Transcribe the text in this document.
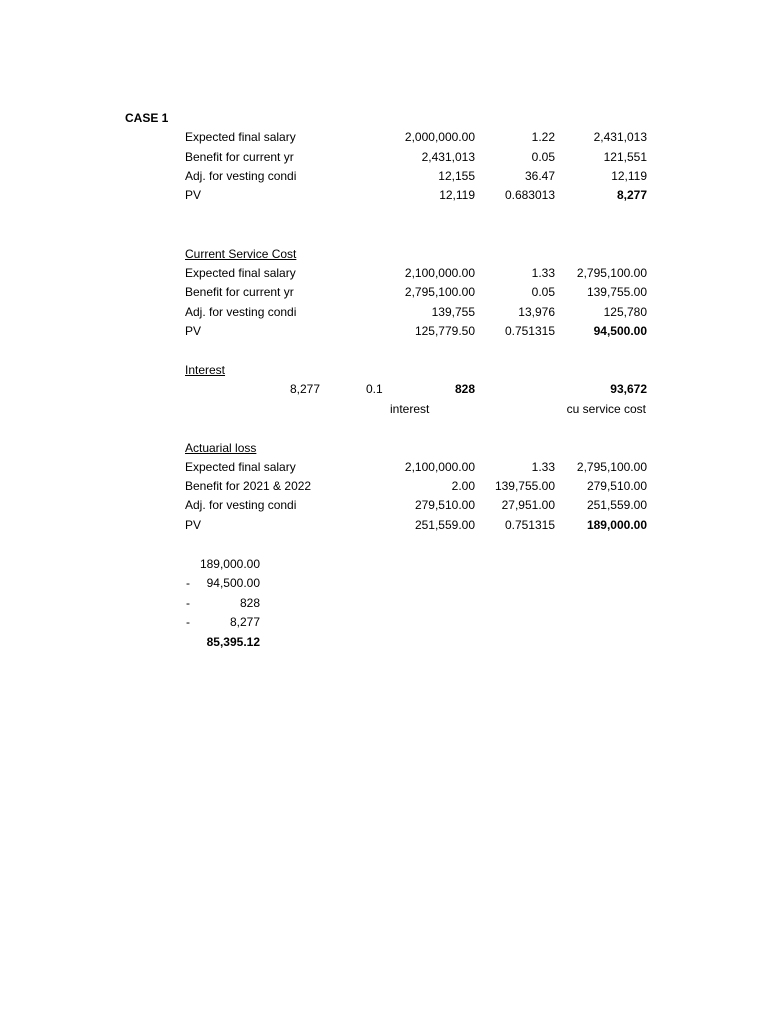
CASE 1
Expected final salary	2,000,000.00	1.22	2,431,013
Benefit for current yr	2,431,013	0.05	121,551
Adj. for vesting condi	12,155	36.47	12,119
PV	12,119	0.683013	8,277
Current Service Cost
Expected final salary	2,100,000.00	1.33	2,795,100.00
Benefit for current yr	2,795,100.00	0.05	139,755.00
Adj. for vesting condi	139,755	13,976	125,780
PV	125,779.50	0.751315	94,500.00
Interest
8,277	0.1	828	93,672
interest	cu service cost
Actuarial loss
Expected final salary	2,100,000.00	1.33	2,795,100.00
Benefit for 2021 & 2022	2.00	139,755.00	279,510.00
Adj. for vesting condi	279,510.00	27,951.00	251,559.00
PV	251,559.00	0.751315	189,000.00
189,000.00
-	94,500.00
-	828
-	8,277
85,395.12
